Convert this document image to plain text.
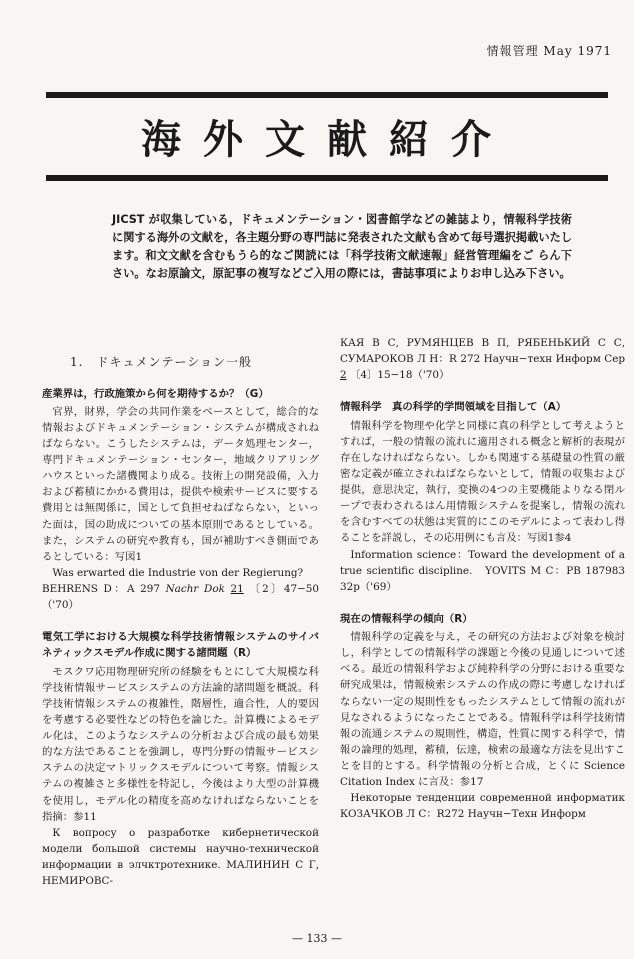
情報管理 May 1971
海外文献紹介

JICST が収集している，ドキュメンテーション・図書館学などの雑誌より，情報科学技術に関する海外の文献を，各主題分野の専門誌に発表された文献も含めて毎号選択掲載いたします。和文文献を含むもうら的なご関読には「科学技術文献速報」経営管理編をご らん下さい。なお原論文，原記事の複写などご入用の際には，書誌事項によりお申し込み下さい。

1.　ドキュメンテーション一般
産業界は，行政施策から何を期待するか？（G）

官界，財界，学会の共同作業をベースとして，総合的な情報およびドキュメンテーション・システムが構成されねばならない。こうしたシステムは，データ処理センター，専門ドキュメンテーション・センター，地域クリアリングハウスといった諸機関より成る。技術上の開発設備，入力および蓄積にかかる費用は，提供や検索サービスに要する費用とは無関係に，国として負担せねばならない，といった面は，国の助成についての基本原則であるとしている。また，システムの研究や教育も，国が補助すべき側面であるとしている：写図1

Was erwarted die Industrie von der Regierung?

BEHRENS D：A 297 Nachr Dok 21 〔2〕47−50（'70）

電気工学における大規模な科学技術情報システムのサイバネティックスモデル作成に関する諸問題（R）

モスクワ応用物理研究所の経験をもとにして大規模な科学技術情報サービスシステムの方法論的諸問題を概説。科学技術情報システムの複雑性，階層性，適合性，人的要因を考慮する必要性などの特色を論じた。計算機によるモデル化は，このようなシステムの分析および合成の最も効果的な方法であることを強調し，専門分野の情報サービスシステムの決定マトリックスモデルについて考察。情報システムの複雑さと多様性を特記し，今後はより大型の計算機を使用し，モデル化の精度を高めなければならないことを指摘：参11

К вопросу о разработке кибернетической модели большой системы научно-технической информации в элчктротехнике. МАЛИНИН С Г, НЕМИРОВС-

КАЯ В С, РУМЯНЦЕВ В П, РЯБЕНЬКИЙ С С, СУМАРОКОВ Л Н：R 272 Научн−техн Информ Сер 2 〔4〕15−18（'70）

情報科学　真の科学的学問領域を目指して（A）

情報科学を物理や化学と同様に真の科学として考えようとすれば，一般の情報の流れに適用される概念と解析的表現が存在しなければならない。しかも関連する基礎量の性質の厳密な定義が確立されねばならないとして，情報の収集および提供，意思決定，執行，変換の4つの主要機能よりなる閉ループで表わされるはん用情報システムを提案し，情報の流れを含むすべての状態は実質的にこのモデルによって表わし得ることを詳説し，その応用例にも言及：写図1参4

Information science：Toward the development of a true scientific discipline.　YOVITS M C：PB 187983 32p（'69）

現在の情報科学の傾向（R）

情報科学の定義を与え，その研究の方法および対象を検討し，科学としての情報科学の課題と今後の見通しについて述べる。最近の情報科学および純粋科学の分野における重要な研究成果は，情報検索システムの作成の際に考慮しなければならない一定の規則性をもったシステムとして情報の流れが見なされるようになったことである。情報科学は科学技術情報の流通システムの規則性，構造，性質に関する科学で，情報の論理的処理，蓄積，伝達，検索の最適な方法を見出すことを目的とする。科学情報の分析と合成，とくに Science Citation Index に言及：参17

Некоторые тенденции современной информатик КОЗАЧКОВ Л С：R272 Научн−Техн Информ

— 133 —
